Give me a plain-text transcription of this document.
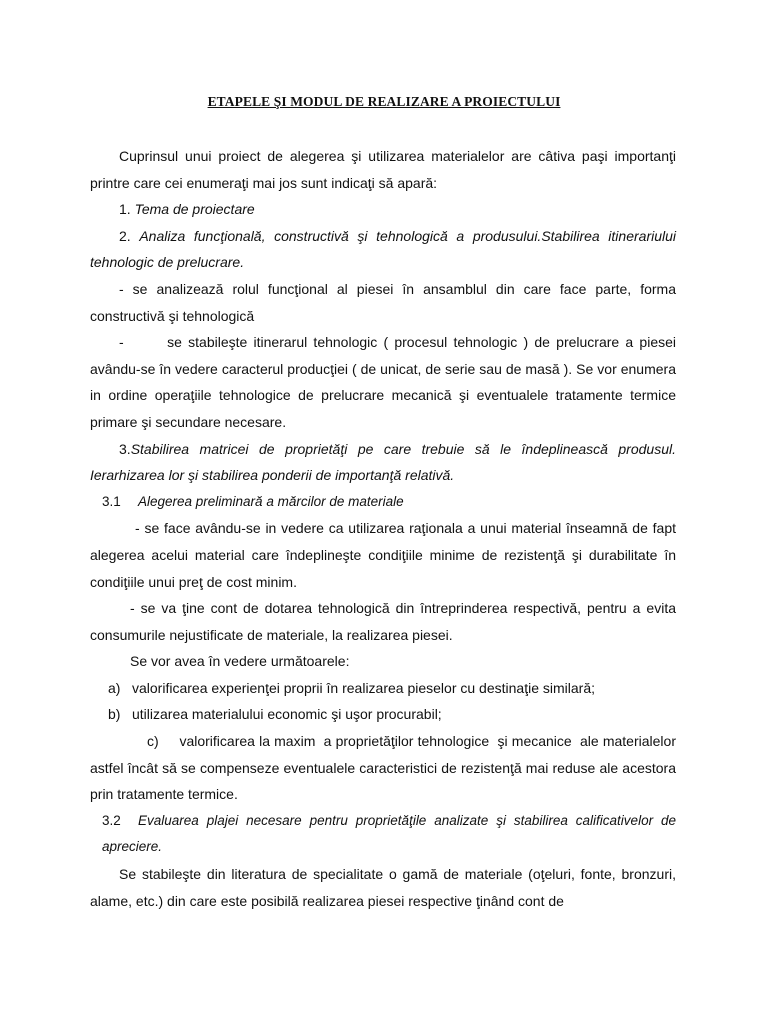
ETAPELE ŞI MODUL DE REALIZARE A PROIECTULUI

Cuprinsul unui proiect de alegerea şi utilizarea materialelor are câtiva paşi importanţi printre care cei enumeraţi mai jos sunt indicaţi să apară:

1. Tema de proiectare

2. Analiza funcţională, constructivă şi tehnologică a produsului.Stabilirea itinerariului tehnologic de prelucrare.

- se analizează rolul funcţional al piesei în ansamblul din care face parte, forma constructivă şi tehnologică

-       se stabileşte itinerarul tehnologic ( procesul tehnologic ) de prelucrare a piesei avându-se în vedere caracterul producţiei ( de unicat, de serie sau de masă ). Se vor enumera in ordine operaţiile tehnologice de prelucrare mecanică şi eventualele tratamente termice primare şi secundare necesare.

3.Stabilirea matricei de proprietăţi pe care trebuie să le îndeplinească produsul. Ierarhizarea lor şi stabilirea ponderii de importanţă relativă.

3.1 Alegerea preliminară a mărcilor de materiale

- se face avându-se in vedere ca utilizarea raţionala a unui material înseamnă de fapt alegerea acelui material care îndeplineşte condiţiile minime de rezistenţă şi durabilitate în condiţiile unui preţ de cost minim.

- se va ţine cont de dotarea tehnologică din întreprinderea respectivă, pentru a evita consumurile nejustificate de materiale, la realizarea piesei.

Se vor avea în vedere următoarele:

a) valorificarea experienţei proprii în realizarea pieselor cu destinaţie similară;

b) utilizarea materialului economic şi uşor procurabil;

c)     valorificarea la maxim  a proprietăţilor tehnologice  şi mecanice  ale materialelor astfel încât să se compenseze eventualele caracteristici de rezistenţă mai reduse ale acestora prin tratamente termice.

3.2 Evaluarea plajei necesare pentru proprietăţile analizate şi stabilirea calificativelor de apreciere.

Se stabileşte din literatura de specialitate o gamă de materiale (oţeluri, fonte, bronzuri, alame, etc.) din care este posibilă realizarea piesei respective ţinând cont de
